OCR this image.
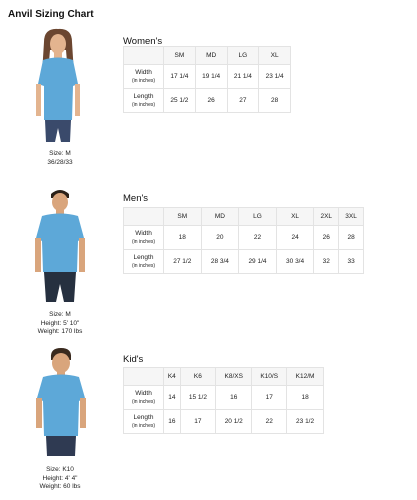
Anvil Sizing Chart
Women's
Size: M
36/28/33
	SM	MD	LG	XL

Width
(in inches)	17 1/4	19 1/4	21 1/4	23 1/4

Length
(in inches)	25 1/2	26	27	28
Men's
Size: M
Height: 5' 10"
Weight: 170 lbs
	SM	MD	LG	XL	2XL	3XL

Width
(in inches)	18	20	22	24	26	28

Length
(in inches)	27 1/2	28 3/4	29 1/4	30 3/4	32	33
Kid's
Size: K10
Height: 4' 4"
Weight: 60 lbs
	K4	K6	K8/XS	K10/S	K12/M

Width
(in inches)	14	15 1/2	16	17	18

Length
(in inches)	16	17	20 1/2	22	23 1/2
